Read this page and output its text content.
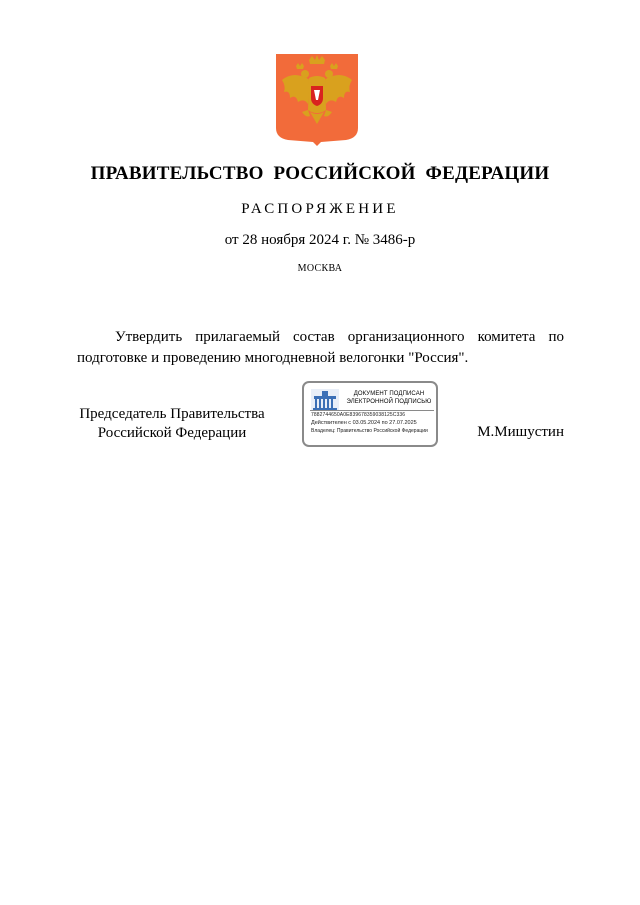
ПРАВИТЕЛЬСТВО РОССИЙСКОЙ ФЕДЕРАЦИИ
РАСПОРЯЖЕНИЕ
от 28 ноября 2024 г. № 3486-р
МОСКВА
Утвердить прилагаемый состав организационного комитета по подготовке и проведению многодневной велогонки "Россия".
Председатель Правительства
Российской Федерации
ДОКУМЕНТ ПОДПИСАН
ЭЛЕКТРОННОЙ ПОДПИСЬЮ
7882744650A0E839678359038125C336
Действителен с 03.05.2024 по 27.07.2025
Владелец: Правительство Российской Федерации	М.Мишустин
